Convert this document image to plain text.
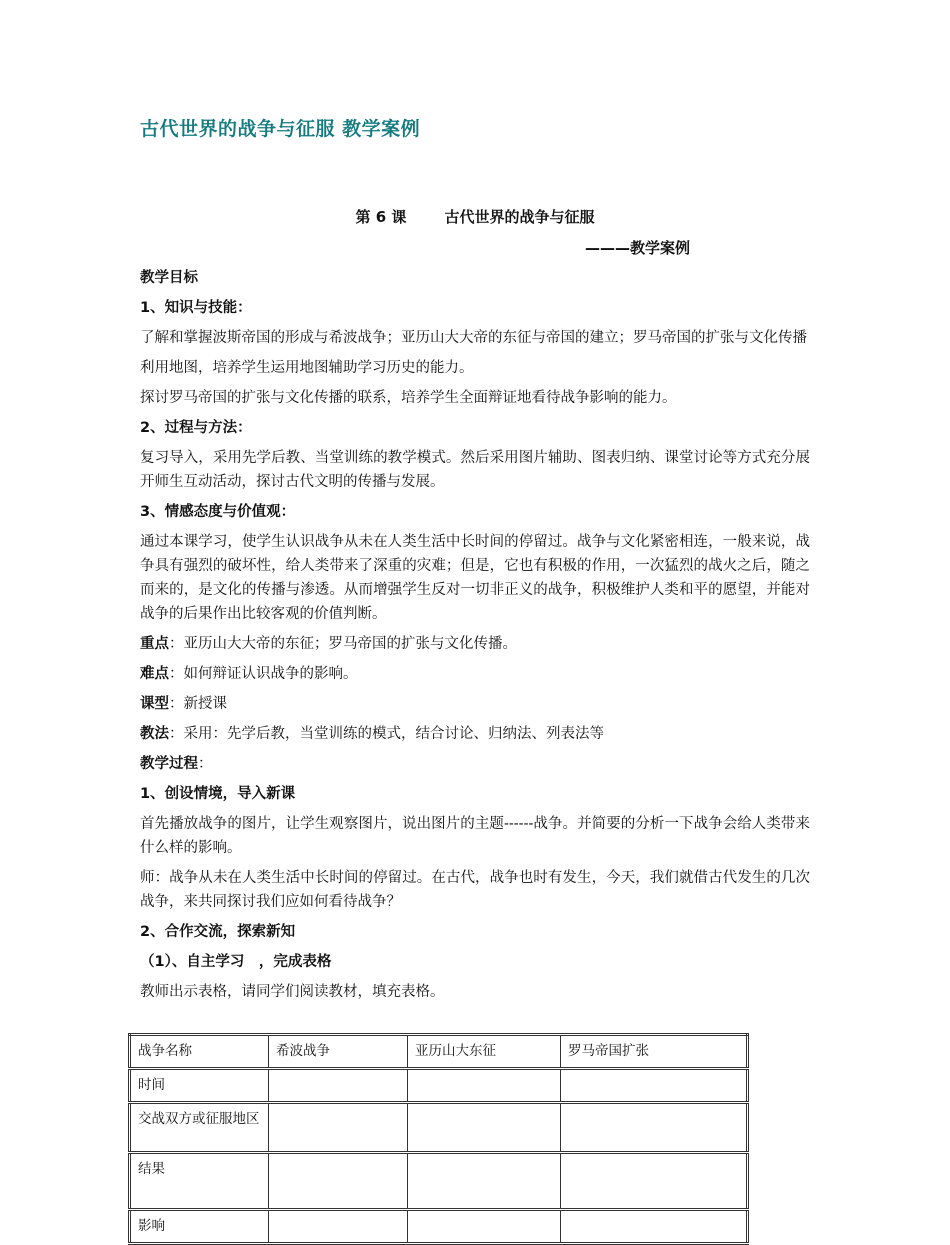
古代世界的战争与征服 教学案例
第 6 课	古代世界的战争与征服
———教学案例
教学目标
1、知识与技能：
了解和掌握波斯帝国的形成与希波战争；亚历山大大帝的东征与帝国的建立；罗马帝国的扩张与文化传播
利用地图，培养学生运用地图辅助学习历史的能力。
探讨罗马帝国的扩张与文化传播的联系，培养学生全面辩证地看待战争影响的能力。
2、过程与方法：
复习导入，采用先学后教、当堂训练的教学模式。然后采用图片辅助、图表归纳、课堂讨论等方式充分展开师生互动活动，探讨古代文明的传播与发展。
3、情感态度与价值观：
通过本课学习，使学生认识战争从未在人类生活中长时间的停留过。战争与文化紧密相连，一般来说，战争具有强烈的破坏性，给人类带来了深重的灾难；但是，它也有积极的作用，一次猛烈的战火之后，随之而来的，是文化的传播与渗透。从而增强学生反对一切非正义的战争，积极维护人类和平的愿望，并能对战争的后果作出比较客观的价值判断。
重点：亚历山大大帝的东征；罗马帝国的扩张与文化传播。
难点：如何辩证认识战争的影响。
课型：新授课
教法：采用：先学后教，当堂训练的模式，结合讨论、归纳法、列表法等
教学过程：
1、创设情境，导入新课
首先播放战争的图片，让学生观察图片，说出图片的主题------战争。并简要的分析一下战争会给人类带来什么样的影响。
师：战争从未在人类生活中长时间的停留过。在古代，战争也时有发生，今天，我们就借古代发生的几次战争，来共同探讨我们应如何看待战争？
2、合作交流，探索新知
（1）、自主学习　，完成表格
教师出示表格，请同学们阅读教材，填充表格。
战争名称	希波战争	亚历山大东征	罗马帝国扩张
时间			
交战双方或征服地区			
结果			
影响			
